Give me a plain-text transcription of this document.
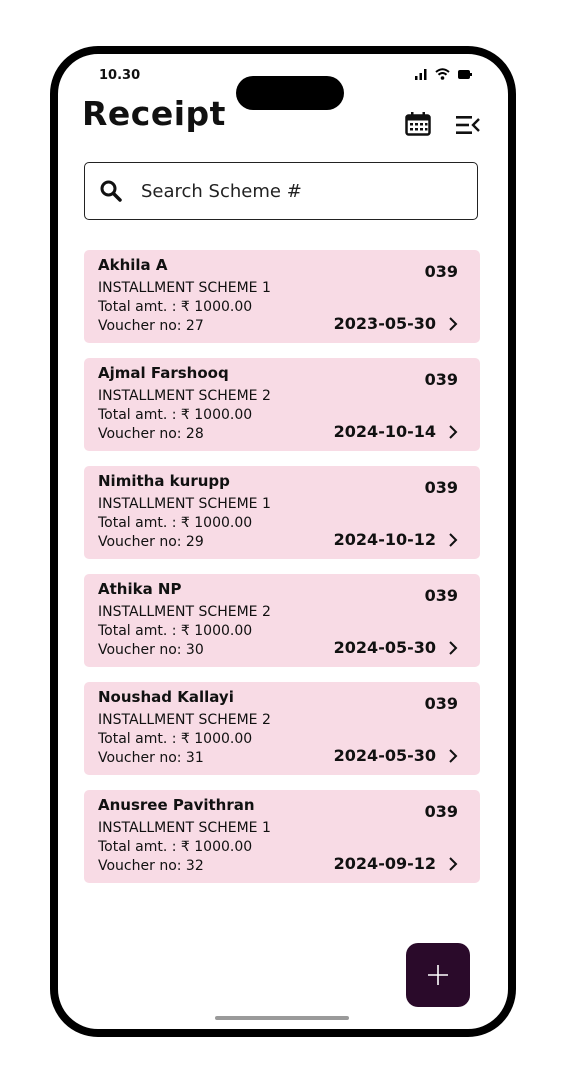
10.30
Receipt
Search Scheme #
Akhila A
INSTALLMENT SCHEME 1
Total amt. : ₹ 1000.00
Voucher no: 27
039
2023-05-30
Ajmal Farshooq
INSTALLMENT SCHEME 2
Total amt. : ₹ 1000.00
Voucher no: 28
039
2024-10-14
Nimitha kurupp
INSTALLMENT SCHEME 1
Total amt. : ₹ 1000.00
Voucher no: 29
039
2024-10-12
Athika NP
INSTALLMENT SCHEME 2
Total amt. : ₹ 1000.00
Voucher no: 30
039
2024-05-30
Noushad Kallayi
INSTALLMENT SCHEME 2
Total amt. : ₹ 1000.00
Voucher no: 31
039
2024-05-30
Anusree Pavithran
INSTALLMENT SCHEME 1
Total amt. : ₹ 1000.00
Voucher no: 32
039
2024-09-12
